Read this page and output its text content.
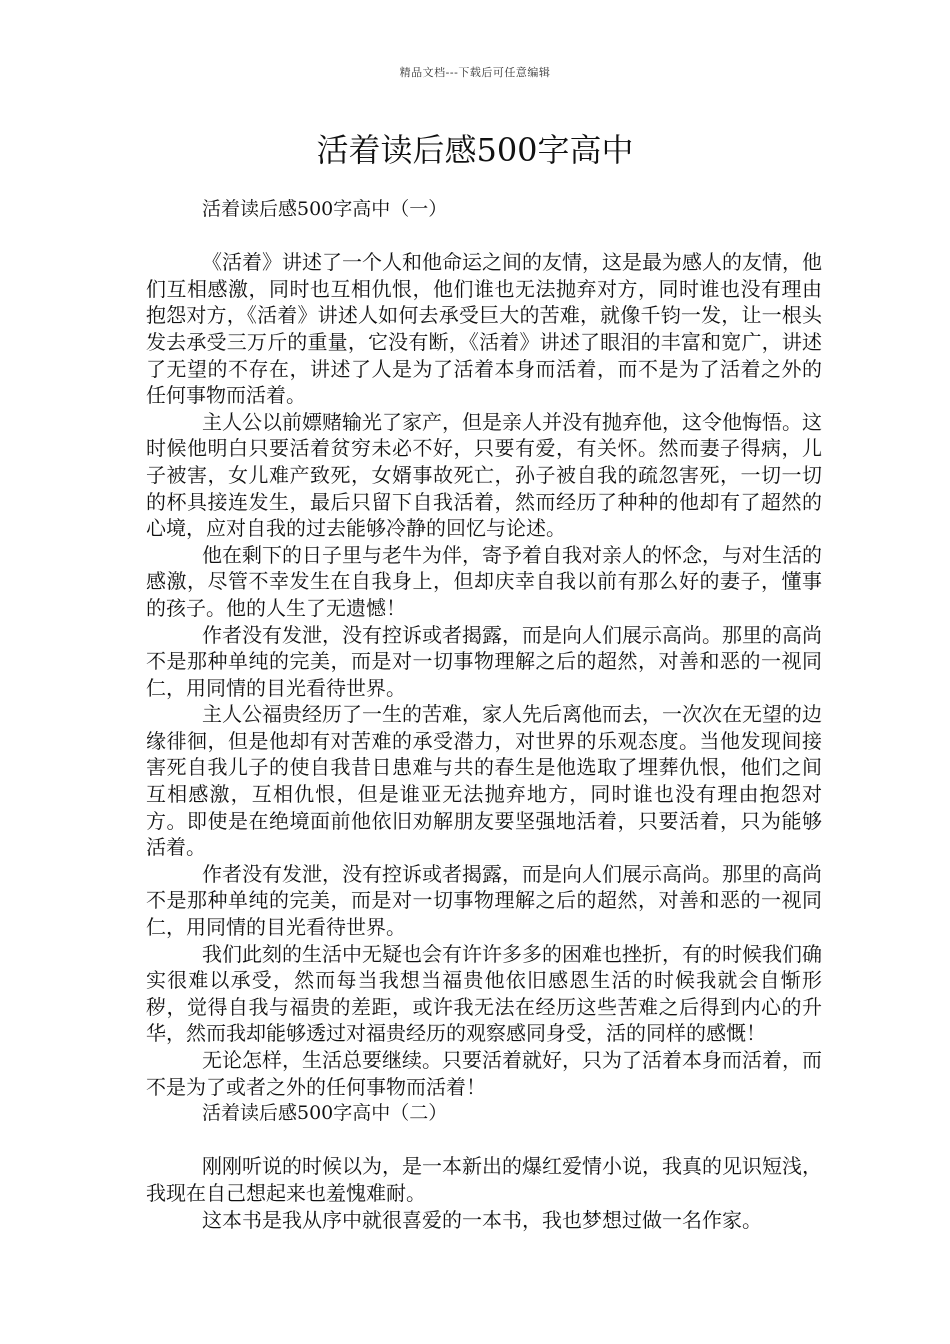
精品文档---下载后可任意编辑
活着读后感500字高中
活着读后感500字高中（一）

《活着》讲述了一个人和他命运之间的友情，这是最为感人的友情，他们互相感激，同时也互相仇恨，他们谁也无法抛弃对方，同时谁也没有理由抱怨对方，《活着》讲述人如何去承受巨大的苦难，就像千钧一发，让一根头发去承受三万斤的重量，它没有断，《活着》讲述了眼泪的丰富和宽广，讲述了无望的不存在，讲述了人是为了活着本身而活着，而不是为了活着之外的任何事物而活着。

主人公以前嫖赌输光了家产，但是亲人并没有抛弃他，这令他悔悟。这时候他明白只要活着贫穷未必不好，只要有爱，有关怀。然而妻子得病，儿子被害，女儿难产致死，女婿事故死亡，孙子被自我的疏忽害死，一切一切的杯具接连发生，最后只留下自我活着，然而经历了种种的他却有了超然的心境，应对自我的过去能够冷静的回忆与论述。

他在剩下的日子里与老牛为伴，寄予着自我对亲人的怀念，与对生活的感激，尽管不幸发生在自我身上，但却庆幸自我以前有那么好的妻子，懂事的孩子。他的人生了无遗憾！

作者没有发泄，没有控诉或者揭露，而是向人们展示高尚。那里的高尚不是那种单纯的完美，而是对一切事物理解之后的超然，对善和恶的一视同仁，用同情的目光看待世界。

主人公福贵经历了一生的苦难，家人先后离他而去，一次次在无望的边缘徘徊，但是他却有对苦难的承受潜力，对世界的乐观态度。当他发现间接害死自我儿子的使自我昔日患难与共的春生是他选取了埋葬仇恨，他们之间互相感激，互相仇恨，但是谁亚无法抛弃地方，同时谁也没有理由抱怨对方。即使是在绝境面前他依旧劝解朋友要坚强地活着，只要活着，只为能够活着。

作者没有发泄，没有控诉或者揭露，而是向人们展示高尚。那里的高尚不是那种单纯的完美，而是对一切事物理解之后的超然，对善和恶的一视同仁，用同情的目光看待世界。

我们此刻的生活中无疑也会有许许多多的困难也挫折，有的时候我们确实很难以承受，然而每当我想当福贵他依旧感恩生活的时候我就会自惭形秽，觉得自我与福贵的差距，或许我无法在经历这些苦难之后得到内心的升华，然而我却能够透过对福贵经历的观察感同身受，活的同样的感慨！

无论怎样，生活总要继续。只要活着就好，只为了活着本身而活着，而不是为了或者之外的任何事物而活着！

活着读后感500字高中（二）

刚刚听说的时候以为，是一本新出的爆红爱情小说，我真的见识短浅，我现在自己想起来也羞愧难耐。

这本书是我从序中就很喜爱的一本书，我也梦想过做一名作家。
